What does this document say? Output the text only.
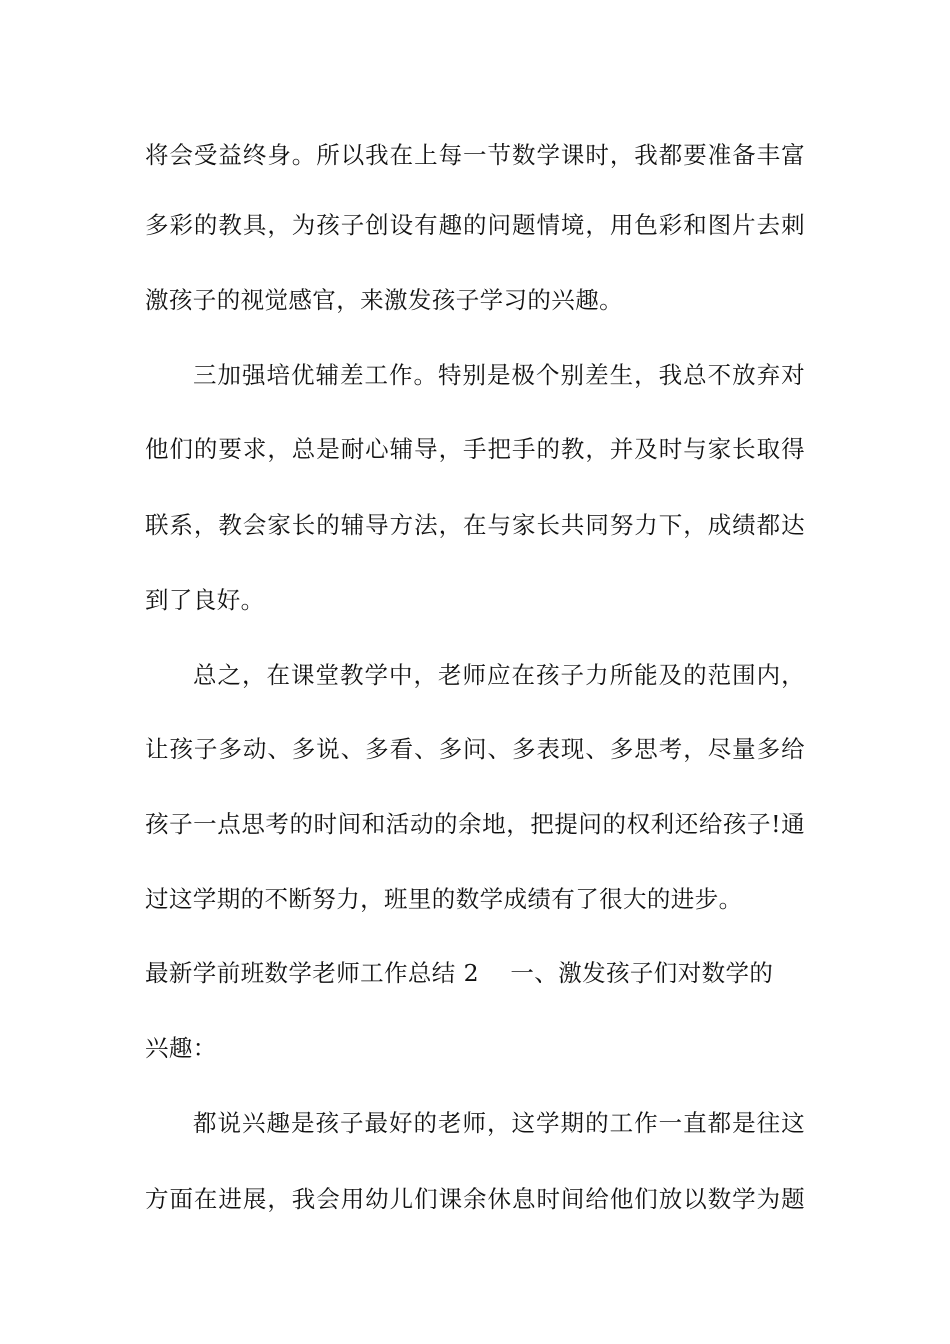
将会受益终身。所以我在上每一节数学课时，我都要准备丰富

多彩的教具，为孩子创设有趣的问题情境，用色彩和图片去刺

激孩子的视觉感官，来激发孩子学习的兴趣。

三加强培优辅差工作。特别是极个别差生，我总不放弃对

他们的要求，总是耐心辅导，手把手的教，并及时与家长取得

联系，教会家长的辅导方法，在与家长共同努力下，成绩都达

到了良好。

总之，在课堂教学中，老师应在孩子力所能及的范围内，

让孩子多动、多说、多看、多问、多表现、多思考，尽量多给

孩子一点思考的时间和活动的余地，把提问的权利还给孩子!通

过这学期的不断努力，班里的数学成绩有了很大的进步。

最新学前班数学老师工作总结 2    一、激发孩子们对数学的

兴趣：

都说兴趣是孩子最好的老师，这学期的工作一直都是往这

方面在进展，我会用幼儿们课余休息时间给他们放以数学为题
